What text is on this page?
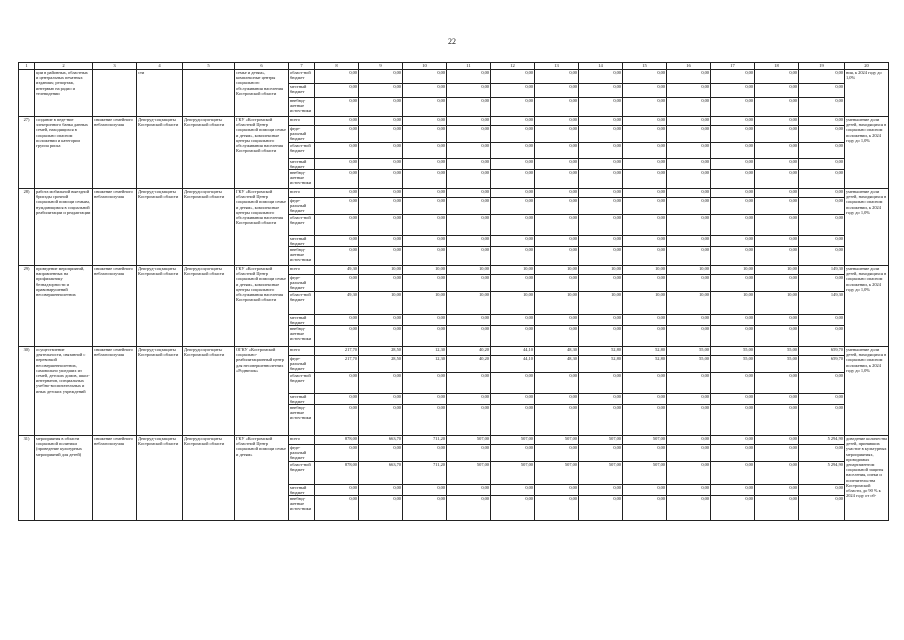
22
1	2	3	4	5	6	7	8	9	10	11	12	13	14	15	16	17	18	19	20
	ции в районных, областных и центральных печатных изданиях; репортаж, интервью на радио и телевидении		сти		семье и детям», комплексные центры социального обслуживания населения Костромской области	област-ной бюджет	0,00	0,00	0,00	0,00	0,00	0,00	0,00	0,00	0,00	0,00	0,00	0,00	ния, к 2024 году до 1,0%
						местный бюджет	0,00	0,00	0,00	0,00	0,00	0,00	0,00	0,00	0,00	0,00	0,00	0,00	
						внебюд-жетные источ-ники	0,00	0,00	0,00	0,00	0,00	0,00	0,00	0,00	0,00	0,00	0,00	0,00	
27)	создание в педе-ние электронного банка данных семей, находящихся в социально опасном положении и категории группа риска	снижение семейного неблагополучия	Депгруд-соцзащиты Костромской области	Депгрудсоцза-щиты Костромской области	ГКУ «Костромской областной Центр социальной помощи семье и детям», комплексные центры социального обслуживания населения Костромской области	всего	0,00	0,00	0,00	0,00	0,00	0,00	0,00	0,00	0,00	0,00	0,00	0,00	уменьшение доли детей, находящихся в социально опасном положении, к 2024 году до 1,0%
						феде-ральный бюджет	0,00	0,00	0,00	0,00	0,00	0,00	0,00	0,00	0,00	0,00	0,00	0,00	
						област-ной бюджет	0,00	0,00	0,00	0,00	0,00	0,00	0,00	0,00	0,00	0,00	0,00	0,00	
						местный бюджет	0,00	0,00	0,00	0,00	0,00	0,00	0,00	0,00	0,00	0,00	0,00	0,00	
						внебюд-жетные источ-ники	0,00	0,00	0,00	0,00	0,00	0,00	0,00	0,00	0,00	0,00	0,00	0,00	
28)	работа мобильной выездной бригады срочной социальной помощи семьям, нуждающимся в социальной реабилитации и реадаптации	снижение семейного неблагополучия	Депгруд-соцзащиты Костромской области	Депгрудсоцза-щиты Костромской области	ГКУ «Костромской областной Центр социальной помощи семье и детям», комплексные центры социального обслуживания населения Костромской области	всего	0,00	0,00	0,00	0,00	0,00	0,00	0,00	0,00	0,00	0,00	0,00	0,00	уменьшение доли детей, находящихся в социально опасном положении, к 2024 году до 1,0%
						феде-ральный бюджет	0,00	0,00	0,00	0,00	0,00	0,00	0,00	0,00	0,00	0,00	0,00	0,00	
						област-ной бюджет	0,00	0,00	0,00	0,00	0,00	0,00	0,00	0,00	0,00	0,00	0,00	0,00	
						местный бюджет	0,00	0,00	0,00	0,00	0,00	0,00	0,00	0,00	0,00	0,00	0,00	0,00	
						внебюд-жетные источ-ники	0,00	0,00	0,00	0,00	0,00	0,00	0,00	0,00	0,00	0,00	0,00	0,00	
29)	проведение мероприятий, направленных на профилактику безнадзорности и правонарушений несовершеннолетних	снижение семейного неблагополучия	Депгруд-соцзащиты Костромской области	Депгрудсоцза-щиты Костромской области	ГКУ «Костромской областной Центр социальной помощи семье и детям», комплексные центры социального обслуживания населения Костромской области	всего	49,30	10,00	10,00	10,00	10,00	10,00	10,00	10,00	10,00	10,00	10,00	149,30	уменьшение доли детей, находящихся в социально опасном положении, к 2024 году до 1,0%
						феде-ральный бюджет	0,00	0,00	0,00	0,00	0,00	0,00	0,00	0,00	0,00	0,00	0,00	0,00	
						област-ной бюджет	49,30	10,00	10,00	10,00	10,00	10,00	10,00	10,00	10,00	10,00	10,00	149,30	
						местный бюджет	0,00	0,00	0,00	0,00	0,00	0,00	0,00	0,00	0,00	0,00	0,00	0,00	
						внебюд-жетные источ-ники	0,00	0,00	0,00	0,00	0,00	0,00	0,00	0,00	0,00	0,00	0,00	0,00	
30)	осуществление деятельности, связанной с перевозкой несовершеннолетних, самовольно ушедших из семей, детских домов, школ-интернатов, специальных учебно-воспитательных и иных детских учреждений	снижение семейного неблагополучия	Депгруд-соцзащиты Костромской области	Депгрудсоцза-щиты Костромской области	ОГКУ «Костромской социально-реабилитационный центр для несовершеннолетних «Родничок»	всего	217,70	28,50	12,30	40,20	44,10	48,30	52,80	52,80	55,00	55,00	55,00	659,70	уменьшение доли детей, находящихся в социально опасном положении, к 2024 году до 1,0%
						феде-ральный бюджет	217,70	28,50	12,30	40,20	44,10	48,30	52,80	52,80	55,00	55,00	55,00	659,70	
						област-ной бюджет	0,00	0,00	0,00	0,00	0,00	0,00	0,00	0,00	0,00	0,00	0,00	0,00	
						местный бюджет	0,00	0,00	0,00	0,00	0,00	0,00	0,00	0,00	0,00	0,00	0,00	0,00	
						внебюд-жетные источ-ники	0,00	0,00	0,00	0,00	0,00	0,00	0,00	0,00	0,00	0,00	0,00	0,00	
31)	мероприятия в области социальной политики (проведение культурных мероприятий для детей)	снижение семейного неблагополучия	Депгруд-соцзащиты Костромской области	Депгрудсоцза-щиты Костромской области	ГКУ «Костромской областной Центр социальной помощи семье и детям»	всего	878,00	663,70	711,20	507,00	507,00	507,00	507,00	507,00	0,00	0,00	0,00	5 294,90	доведение количества детей, принявших участие в культурных мероприятиях, проводимых департаментом социальной защиты населения, опеки и попечительства Костромской области, до 90 % к 2024 году от об-
						феде-ральный бюджет	0,00	0,00	0,00	0,00	0,00	0,00	0,00	0,00	0,00	0,00	0,00	0,00	
						област-ной бюджет	878,00	663,70	711,20	507,00	507,00	507,00	507,00	507,00	0,00	0,00	0,00	5 294,90	
						местный бюджет	0,00	0,00	0,00	0,00	0,00	0,00	0,00	0,00	0,00	0,00	0,00	0,00	
						внебюд-жетные источ-ники	0,00	0,00	0,00	0,00	0,00	0,00	0,00	0,00	0,00	0,00	0,00	0,00	
